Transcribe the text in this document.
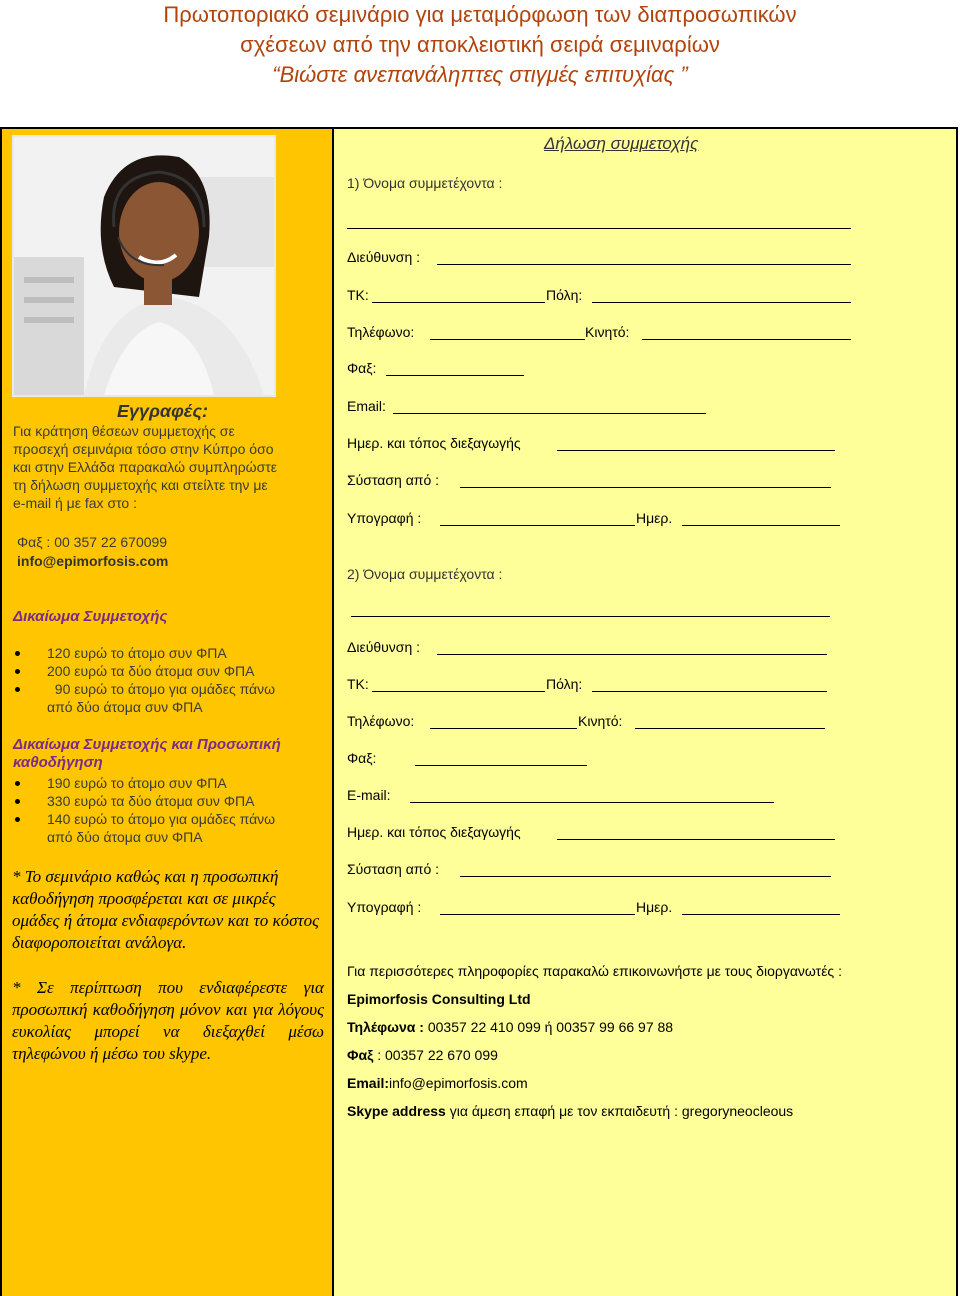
Πρωτοποριακό σεμινάριο για μεταμόρφωση των διαπροσωπικών
σχέσεων από την αποκλειστική σειρά σεμιναρίων
“Βιώστε ανεπανάληπτες στιγμές επιτυχίας ”
Εγγραφές:
Για κράτηση θέσεων συμμετοχής σε
προσεχή σεμινάρια τόσο στην Κύπρο όσο
και στην Ελλάδα παρακαλώ συμπληρώστε
τη δήλωση συμμετοχής και στείλτε την με
e-mail ή με fax στο :
Φαξ : 00 357 22 670099
info@epimorfosis.com
Δικαίωμα Συμμετοχής
120 ευρώ το άτομο συν ΦΠΑ
200 ευρώ τα δύο άτομα συν ΦΠΑ
90 ευρώ το άτομο για ομάδες πάνω
από δύο άτομα συν ΦΠΑ
Δικαίωμα Συμμετοχής και Προσωπική
καθοδήγηση
190 ευρώ το άτομο συν ΦΠΑ
330 ευρώ τα δύο άτομα συν ΦΠΑ
140 ευρώ το άτομο για ομάδες πάνω
από δύο άτομα συν ΦΠΑ
* Το σεμινάριο καθώς και η προσωπική καθοδήγηση προσφέρεται και σε μικρές ομάδες ή άτομα ενδιαφερόντων και το κόστος διαφοροποιείται ανάλογα.
* Σε περίπτωση που ενδιαφέρεστε για προσωπική καθοδήγηση μόνον και για λόγους ευκολίας μπορεί να διεξαχθεί μέσω τηλεφώνου ή μέσω του skype.
Δήλωση συμμετοχής
1) Όνομα συμμετέχοντα :
Διεύθυνση :
ΤΚ:	Πόλη:
Τηλέφωνο:	Κινητό:
Φαξ:
Email:
Ημερ. και τόπος διεξαγωγής
Σύσταση από :
Υπογραφή :	Ημερ.
2) Όνομα συμμετέχοντα :
Διεύθυνση :
ΤΚ:	Πόλη:
Τηλέφωνο:	Κινητό:
Φαξ:
E-mail:
Ημερ. και τόπος διεξαγωγής
Σύσταση από :
Υπογραφή :	Ημερ.
Για περισσότερες πληροφορίες παρακαλώ επικοινωνήστε με τους διοργανωτές :
Epimorfosis Consulting Ltd
Τηλέφωνα : 00357 22 410 099 ή 00357 99 66 97 88
Φαξ : 00357 22 670 099
Email:info@epimorfosis.com
Skype address για άμεση επαφή με τον εκπαιδευτή : gregoryneocleous
